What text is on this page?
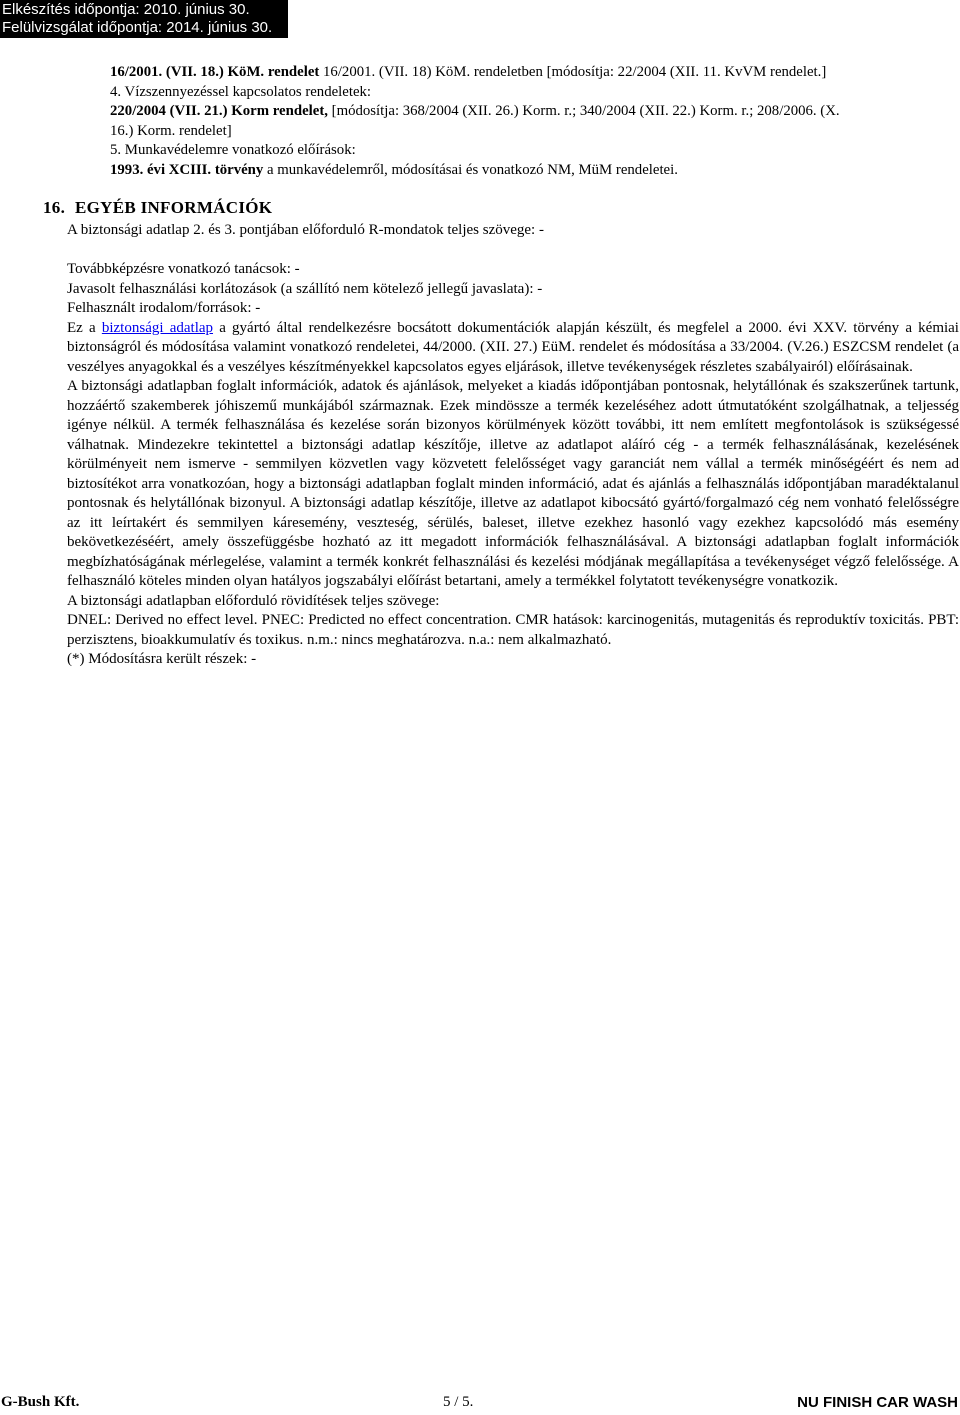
Elkészítés időpontja: 2010. június 30.
Felülvizsgálat időpontja: 2014. június 30.
16/2001. (VII. 18.) KöM. rendelet 16/2001. (VII. 18) KöM. rendeletben [módosítja: 22/2004 (XII. 11. KvVM rendelet.]
4. Vízszennyezéssel kapcsolatos rendeletek:
220/2004 (VII. 21.) Korm rendelet, [módosítja: 368/2004 (XII. 26.) Korm. r.; 340/2004 (XII. 22.) Korm. r.; 208/2006. (X.
16.) Korm. rendelet]
5. Munkavédelemre vonatkozó előírások:
1993. évi XCIII. törvény a munkavédelemről, módosításai és vonatkozó NM, MüM rendeletei.
16. EGYÉB INFORMÁCIÓK

A biztonsági adatlap 2. és 3. pontjában előforduló R-mondatok teljes szövege: -

Továbbképzésre vonatkozó tanácsok: -

Javasolt felhasználási korlátozások (a szállító nem kötelező jellegű javaslata): -

Felhasznált irodalom/források: -

Ez a biztonsági adatlap a gyártó által rendelkezésre bocsátott dokumentációk alapján készült, és megfelel a 2000. évi XXV. törvény a kémiai biztonságról és módosítása valamint vonatkozó rendeletei, 44/2000. (XII. 27.) EüM. rendelet és módosítása a 33/2004. (V.26.) ESZCSM rendelet (a veszélyes anyagokkal és a veszélyes készítményekkel kapcsolatos egyes eljárások, illetve tevékenységek részletes szabályairól) előírásainak.

A biztonsági adatlapban foglalt információk, adatok és ajánlások, melyeket a kiadás időpontjában pontosnak, helytállónak és szakszerűnek tartunk, hozzáértő szakemberek jóhiszemű munkájából származnak. Ezek mindössze a termék kezeléséhez adott útmutatóként szolgálhatnak, a teljesség igénye nélkül. A termék felhasználása és kezelése során bizonyos körülmények között további, itt nem említett megfontolások is szükségessé válhatnak. Mindezekre tekintettel a biztonsági adatlap készítője, illetve az adatlapot aláíró cég - a termék felhasználásának, kezelésének körülményeit nem ismerve - semmilyen közvetlen vagy közvetett felelősséget vagy garanciát nem vállal a termék minőségéért és nem ad biztosítékot arra vonatkozóan, hogy a biztonsági adatlapban foglalt minden információ, adat és ajánlás a felhasználás időpontjában maradéktalanul pontosnak és helytállónak bizonyul. A biztonsági adatlap készítője, illetve az adatlapot kibocsátó gyártó/forgalmazó cég nem vonható felelősségre az itt leírtakért és semmilyen káresemény, veszteség, sérülés, baleset, illetve ezekhez hasonló vagy ezekhez kapcsolódó más esemény bekövetkezéséért, amely összefüggésbe hozható az itt megadott információk felhasználásával. A biztonsági adatlapban foglalt információk megbízhatóságának mérlegelése, valamint a termék konkrét felhasználási és kezelési módjának megállapítása a tevékenységet végző felelőssége. A felhasználó köteles minden olyan hatályos jogszabályi előírást betartani, amely a termékkel folytatott tevékenységre vonatkozik.

A biztonsági adatlapban előforduló rövidítések teljes szövege:

DNEL: Derived no effect level. PNEC: Predicted no effect concentration. CMR hatások: karcinogenitás, mutagenitás és reproduktív toxicitás. PBT: perzisztens, bioakkumulatív és toxikus. n.m.: nincs meghatározva. n.a.: nem alkalmazható.

(*) Módosításra került részek: -

G-Bush Kft.	5 / 5.	NU FINISH CAR WASH
